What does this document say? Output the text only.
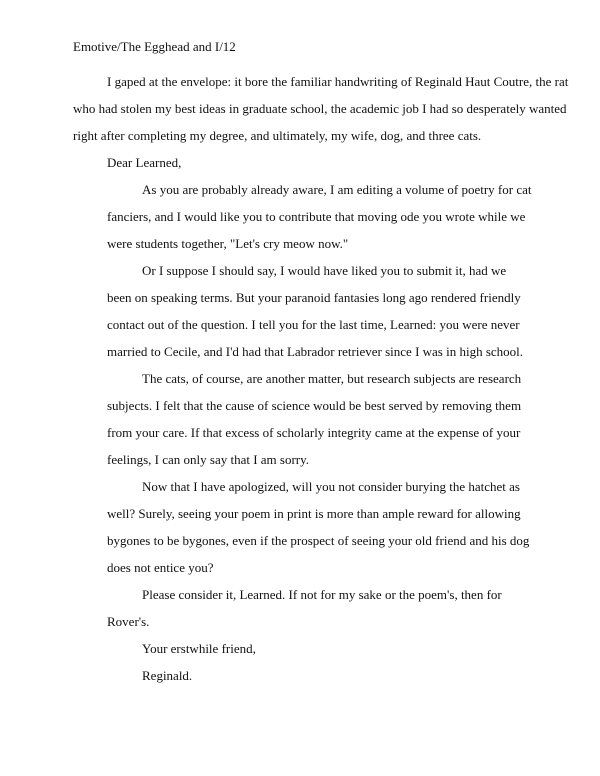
Emotive/The Egghead and I/12
I gaped at the envelope: it bore the familiar handwriting of Reginald Haut Coutre, the rat
who had stolen my best ideas in graduate school, the academic job I had so desperately wanted
right after completing my degree, and ultimately, my wife, dog, and three cats.
Dear Learned,
As you are probably already aware, I am editing a volume of poetry for cat
fanciers, and I would like you to contribute that moving ode you wrote while we
were students together, "Let's cry meow now."
Or I suppose I should say, I would have liked you to submit it, had we
been on speaking terms. But your paranoid fantasies long ago rendered friendly
contact out of the question. I tell you for the last time, Learned: you were never
married to Cecile, and I'd had that Labrador retriever since I was in high school.
The cats, of course, are another matter, but research subjects are research
subjects. I felt that the cause of science would be best served by removing them
from your care. If that excess of scholarly integrity came at the expense of your
feelings, I can only say that I am sorry.
Now that I have apologized, will you not consider burying the hatchet as
well? Surely, seeing your poem in print is more than ample reward for allowing
bygones to be bygones, even if the prospect of seeing your old friend and his dog
does not entice you?
Please consider it, Learned. If not for my sake or the poem's, then for
Rover's.
Your erstwhile friend,
Reginald.
